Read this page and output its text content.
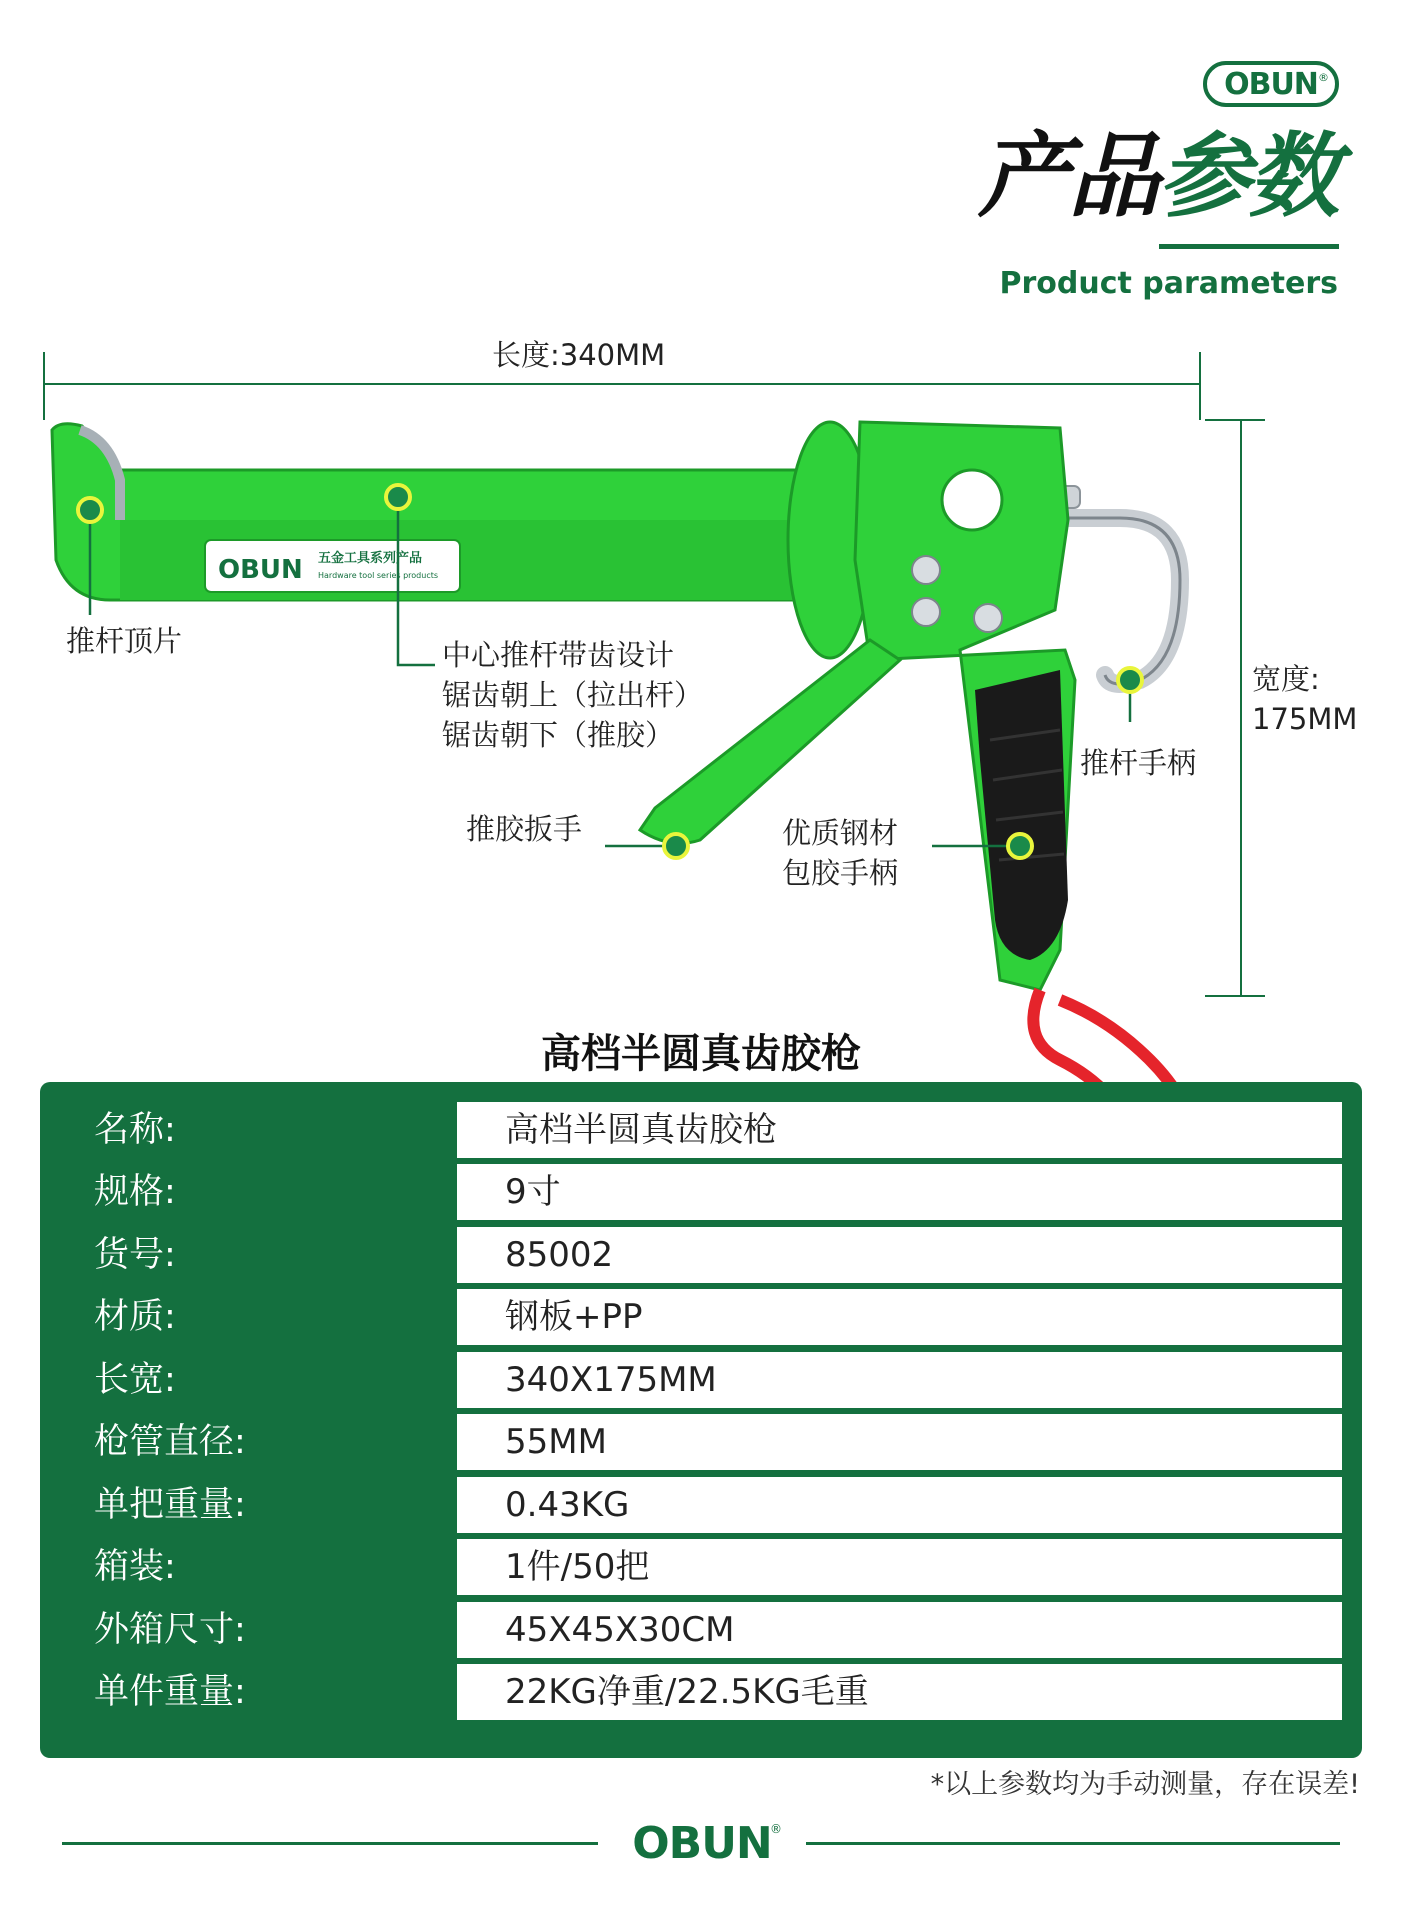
OBUN®
产品参数
Product parameters
OBUN 五金工具系列产品
Hardware tool series products
长度:340MM
宽度:
175MM
推杆顶片	中心推杆带齿设计
锯齿朝上（拉出杆）
锯齿朝下（推胶）
推杆手柄
推胶扳手	优质钢材
包胶手柄
高档半圆真齿胶枪
名称:	高档半圆真齿胶枪
规格:	9寸
货号:	85002
材质:	钢板+PP
长宽:	340X175MM
枪管直径:	55MM
单把重量:	0.43KG
箱装:	1件/50把
外箱尺寸:	45X45X30CM
单件重量:	22KG净重/22.5KG毛重
*以上参数均为手动测量，存在误差!
OBUN
®
